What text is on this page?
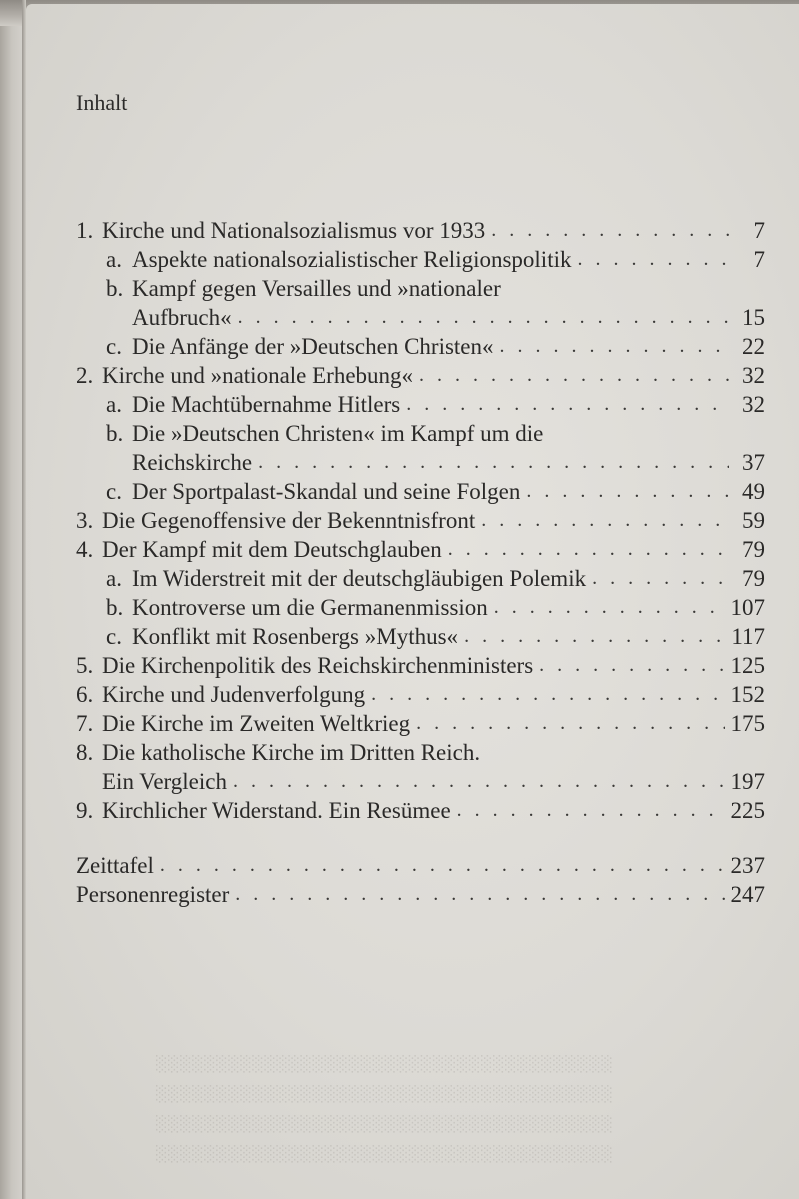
░░░░░░░░░░░░░░░░░░░░░░░░░░░░░░░░░░░░░░
░░░░░░░░░░░░░░░░░░░░░░░░░░░░░░░░░░░░░░
░░░░░░░░░░░░░░░░░░░░░░░░░░░░░░░░░░░░░░
░░░░░░░░░░░░░░░░░░░░░░░░░░░░░░░░░░░░░░
Inhalt
1. Kirche und Nationalsozialismus vor 1933 . . .	7
a. Aspekte nationalsozialistischer Religionspolitik . . .	7
b. Kampf gegen Versailles und »nationaler
Aufbruch« . . .	15
c. Die Anfänge der »Deutschen Christen« . . .	22
2. Kirche und »nationale Erhebung« . . .	32
a. Die Machtübernahme Hitlers . . .	32
b. Die »Deutschen Christen« im Kampf um die
Reichskirche . . .	37
c. Der Sportpalast-Skandal und seine Folgen . . .	49
3. Die Gegenoffensive der Bekenntnisfront . . .	59
4. Der Kampf mit dem Deutschglauben . . .	79
a. Im Widerstreit mit der deutschgläubigen Polemik . . .	79
b. Kontroverse um die Germanenmission . . .	107
c. Konflikt mit Rosenbergs »Mythus« . . .	117
5. Die Kirchenpolitik des Reichskirchenministers . . .	125
6. Kirche und Judenverfolgung . . .	152
7. Die Kirche im Zweiten Weltkrieg . . .	175
8. Die katholische Kirche im Dritten Reich.
Ein Vergleich . . .	197
9. Kirchlicher Widerstand. Ein Resümee . . .	225
Zeittafel . . .	237
Personenregister . . .	247
